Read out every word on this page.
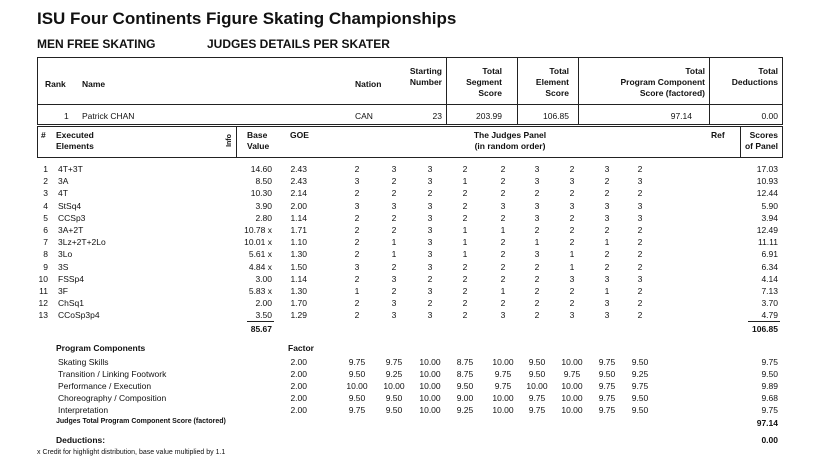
ISU Four Continents Figure Skating Championships
MEN FREE SKATING	JUDGES DETAILS PER SKATER
Rank Name	Nation
Starting
Number
Total
Segment
Score
Total
Element
Score
Total
Program Component
Score (factored)
Total
Deductions
1 Patrick CHAN	CAN	23	203.99	106.85	97.14	0.00
# Executed
Elements	Info Base
Value
GOE	The Judges Panel
(in random order)
Ref	Scores
of Panel
1 4T+3T	14.60	2.43	2	3	3	2	2	3	2	3	2	17.03
2 3A	8.50	2.43	3	2	3	1	2	3	3	2	3	10.93
3 4T	10.30	2.14	2	2	2	2	2	2	2	2	2	12.44
4 StSq4	3.90	2.00	3	3	3	2	3	3	3	3	3	5.90
5 CCSp3	2.80	1.14	2	2	3	2	2	3	2	3	3	3.94
6 3A+2T	10.78 x	1.71	2	2	3	1	1	2	2	2	2	12.49
7 3Lz+2T+2Lo	10.01 x	1.10	2	1	3	1	2	1	2	1	2	11.11
8 3Lo	5.61 x	1.30	2	1	3	1	2	3	1	2	2	6.91
9 3S	4.84 x	1.50	3	2	3	2	2	2	1	2	2	6.34
10 FSSp4	3.00	1.14	2	3	2	2	2	2	3	3	3	4.14
11 3F	5.83 x	1.30	1	2	3	2	1	2	2	1	2	7.13
12 ChSq1	2.00	1.70	2	3	2	2	2	2	2	3	2	3.70
13 CCoSp3p4	3.50	1.29	2	3	3	2	3	2	3	3	2	4.79
85.67	106.85
Program Components	Factor
Skating Skills	2.00	9.75	9.75	10.00	8.75	10.00	9.50	10.00	9.75	9.50	9.75
Transition / Linking Footwork	2.00	9.50	9.25	10.00	8.75	9.75	9.50	9.75	9.50	9.25	9.50
Performance / Execution	2.00	10.00	10.00	10.00	9.50	9.75	10.00	10.00	9.75	9.75	9.89
Choreography / Composition	2.00	9.50	9.50	10.00	9.00	10.00	9.75	10.00	9.75	9.50	9.68
Interpretation	2.00	9.75	9.50	10.00	9.25	10.00	9.75	10.00	9.75	9.50	9.75
Judges Total Program Component Score (factored)	97.14
Deductions:	0.00
x Credit for highlight distribution, base value multiplied by 1.1
